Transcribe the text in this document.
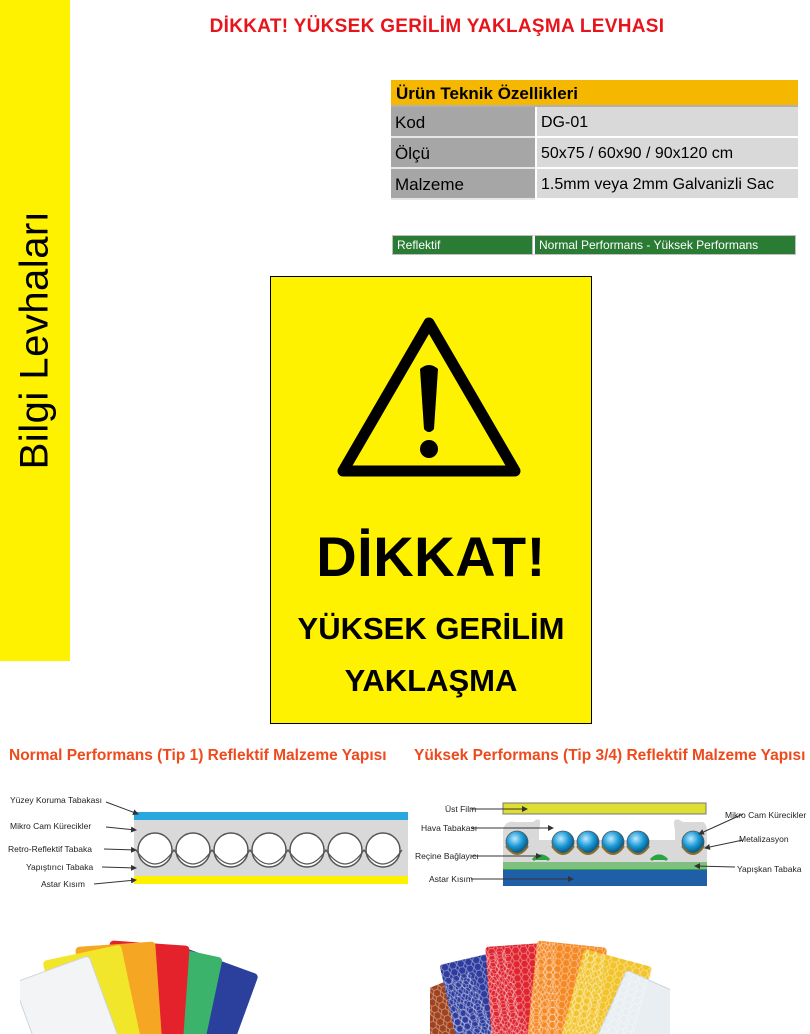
Bilgi Levhaları
DİKKAT! YÜKSEK GERİLİM YAKLAŞMA LEVHASI
Ürün Teknik Özellikleri
Kod	DG-01
Ölçü	50x75 / 60x90 / 90x120 cm
Malzeme	1.5mm veya 2mm Galvanizli Sac
Reflektif	Normal Performans - Yüksek Performans
DİKKAT!
YÜKSEK GERİLİM
YAKLAŞMA
Normal Performans (Tip 1) Reflektif Malzeme Yapısı Yüksek Performans (Tip 3/4) Reflektif Malzeme Yapısı
Yüzey Koruma Tabakası
Mikro Cam Kürecikler
Retro-Reflektif Tabaka
Yapıştırıcı Tabaka
Astar Kısım
Üst Film
Hava Tabakası
Reçine Bağlayıcı
Astar Kısım
Mikro Cam Kürecikler
Metalizasyon
Yapışkan Tabaka
